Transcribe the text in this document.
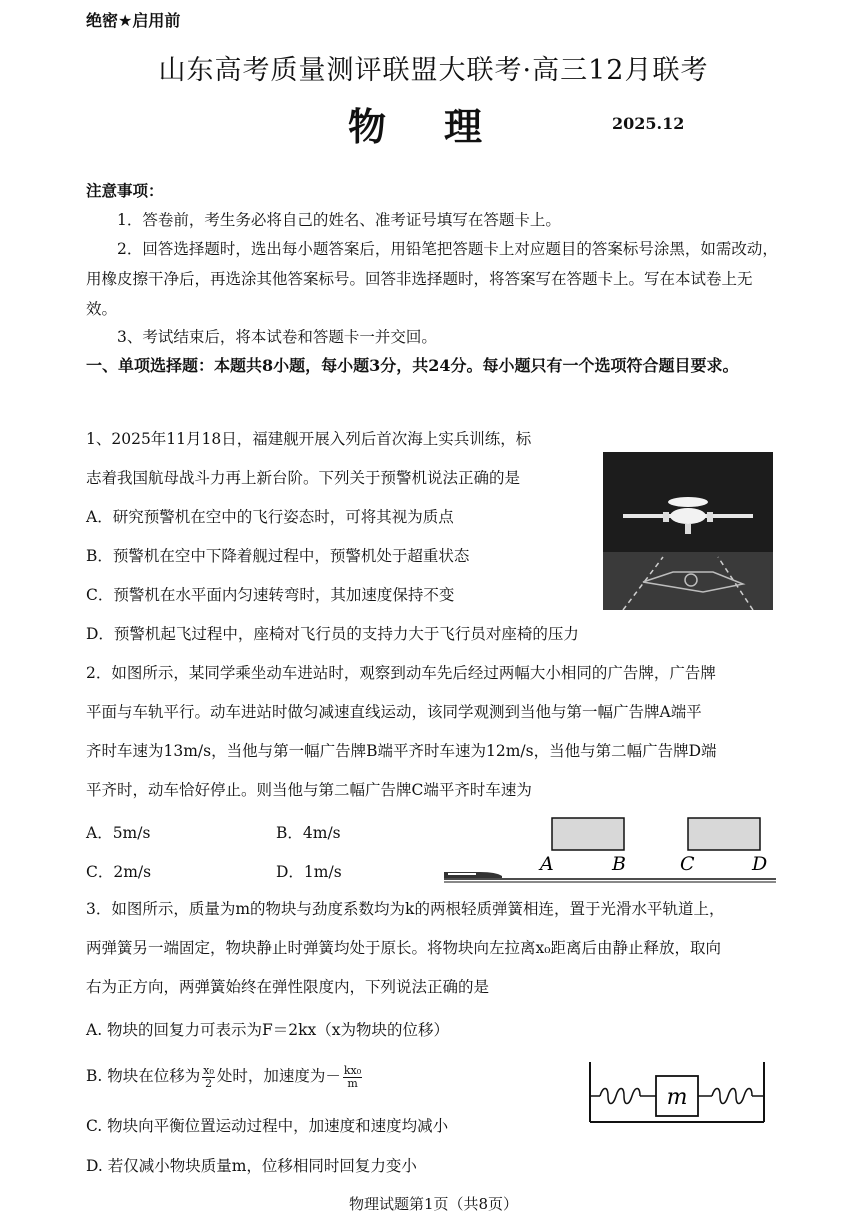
绝密★启用前
山东高考质量测评联盟大联考·高三12月联考
物理	2025.12
注意事项：
1．答卷前，考生务必将自己的姓名、准考证号填写在答题卡上。
2．回答选择题时，选出每小题答案后，用铅笔把答题卡上对应题目的答案标号涂黑，如需改动，用橡皮擦干净后，再选涂其他答案标号。回答非选择题时，将答案写在答题卡上。写在本试卷上无效。
3、考试结束后，将本试卷和答题卡一并交回。
一、单项选择题：本题共8小题，每小题3分，共24分。每小题只有一个选项符合题目要求。
1、2025年11月18日，福建舰开展入列后首次海上实兵训练，标
志着我国航母战斗力再上新台阶。下列关于预警机说法正确的是
A．研究预警机在空中的飞行姿态时，可将其视为质点
B．预警机在空中下降着舰过程中，预警机处于超重状态
C．预警机在水平面内匀速转弯时，其加速度保持不变
D．预警机起飞过程中，座椅对飞行员的支持力大于飞行员对座椅的压力
2．如图所示，某同学乘坐动车进站时，观察到动车先后经过两幅大小相同的广告牌，广告牌
平面与车轨平行。动车进站时做匀减速直线运动，该同学观测到当他与第一幅广告牌A端平
齐时车速为13m/s，当他与第一幅广告牌B端平齐时车速为12m/s，当他与第二幅广告牌D端
平齐时，动车恰好停止。则当他与第二幅广告牌C端平齐时车速为
A．5m/s	B．4m/s
C．2m/s	D．1m/s	A	B	C	D
3．如图所示，质量为m的物块与劲度系数均为k的两根轻质弹簧相连，置于光滑水平轨道上，
两弹簧另一端固定，物块静止时弹簧均处于原长。将物块向左拉离x₀距离后由静止释放，取向
右为正方向，两弹簧始终在弹性限度内，下列说法正确的是
A. 物块的回复力可表示为F＝2kx（x为物块的位移）
B. 物块在位移为 $\frac{\text{x₀}}{2}$ 处时，加速度为－ $\frac{\text{kx₀}}{m}$
C. 物块向平衡位置运动过程中，加速度和速度均减小
D. 若仅减小物块质量m，位移相同时回复力变小
m
物理试题第1页（共8页）
